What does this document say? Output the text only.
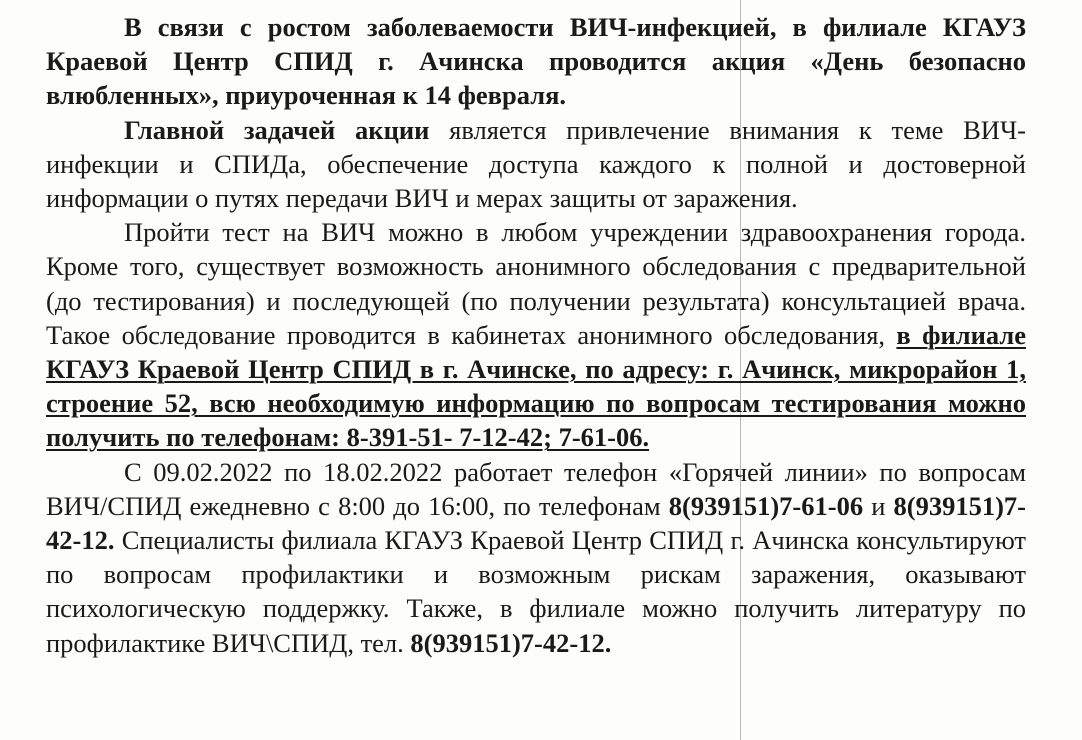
В связи с ростом заболеваемости ВИЧ-инфекцией, в филиале КГАУЗ Краевой Центр СПИД г. Ачинска проводится акция «День безопасно влюбленных», приуроченная к 14 февраля.

Главной задачей акции является привлечение внимания к теме ВИЧ-инфекции и СПИДа, обеспечение доступа каждого к полной и достоверной информации о путях передачи ВИЧ и мерах защиты от заражения.

Пройти тест на ВИЧ можно в любом учреждении здравоохранения города. Кроме того, существует возможность анонимного обследования с предварительной (до тестирования) и последующей (по получении результата) консультацией врача. Такое обследование проводится в кабинетах анонимного обследования, в филиале КГАУЗ Краевой Центр СПИД в г. Ачинске, по адресу: г. Ачинск, микрорайон 1, строение 52, всю необходимую информацию по вопросам тестирования можно получить по телефонам: 8-391-51- 7-12-42; 7-61-06.

С 09.02.2022 по 18.02.2022 работает телефон «Горячей линии» по вопросам ВИЧ/СПИД ежедневно с 8:00 до 16:00, по телефонам 8(939151)7-61-06 и 8(939151)7-42-12. Специалисты филиала КГАУЗ Краевой Центр СПИД г. Ачинска консультируют по вопросам профилактики и возможным рискам заражения, оказывают психологическую поддержку. Также, в филиале можно получить литературу по профилактике ВИЧ\СПИД, тел. 8(939151)7-42-12.
